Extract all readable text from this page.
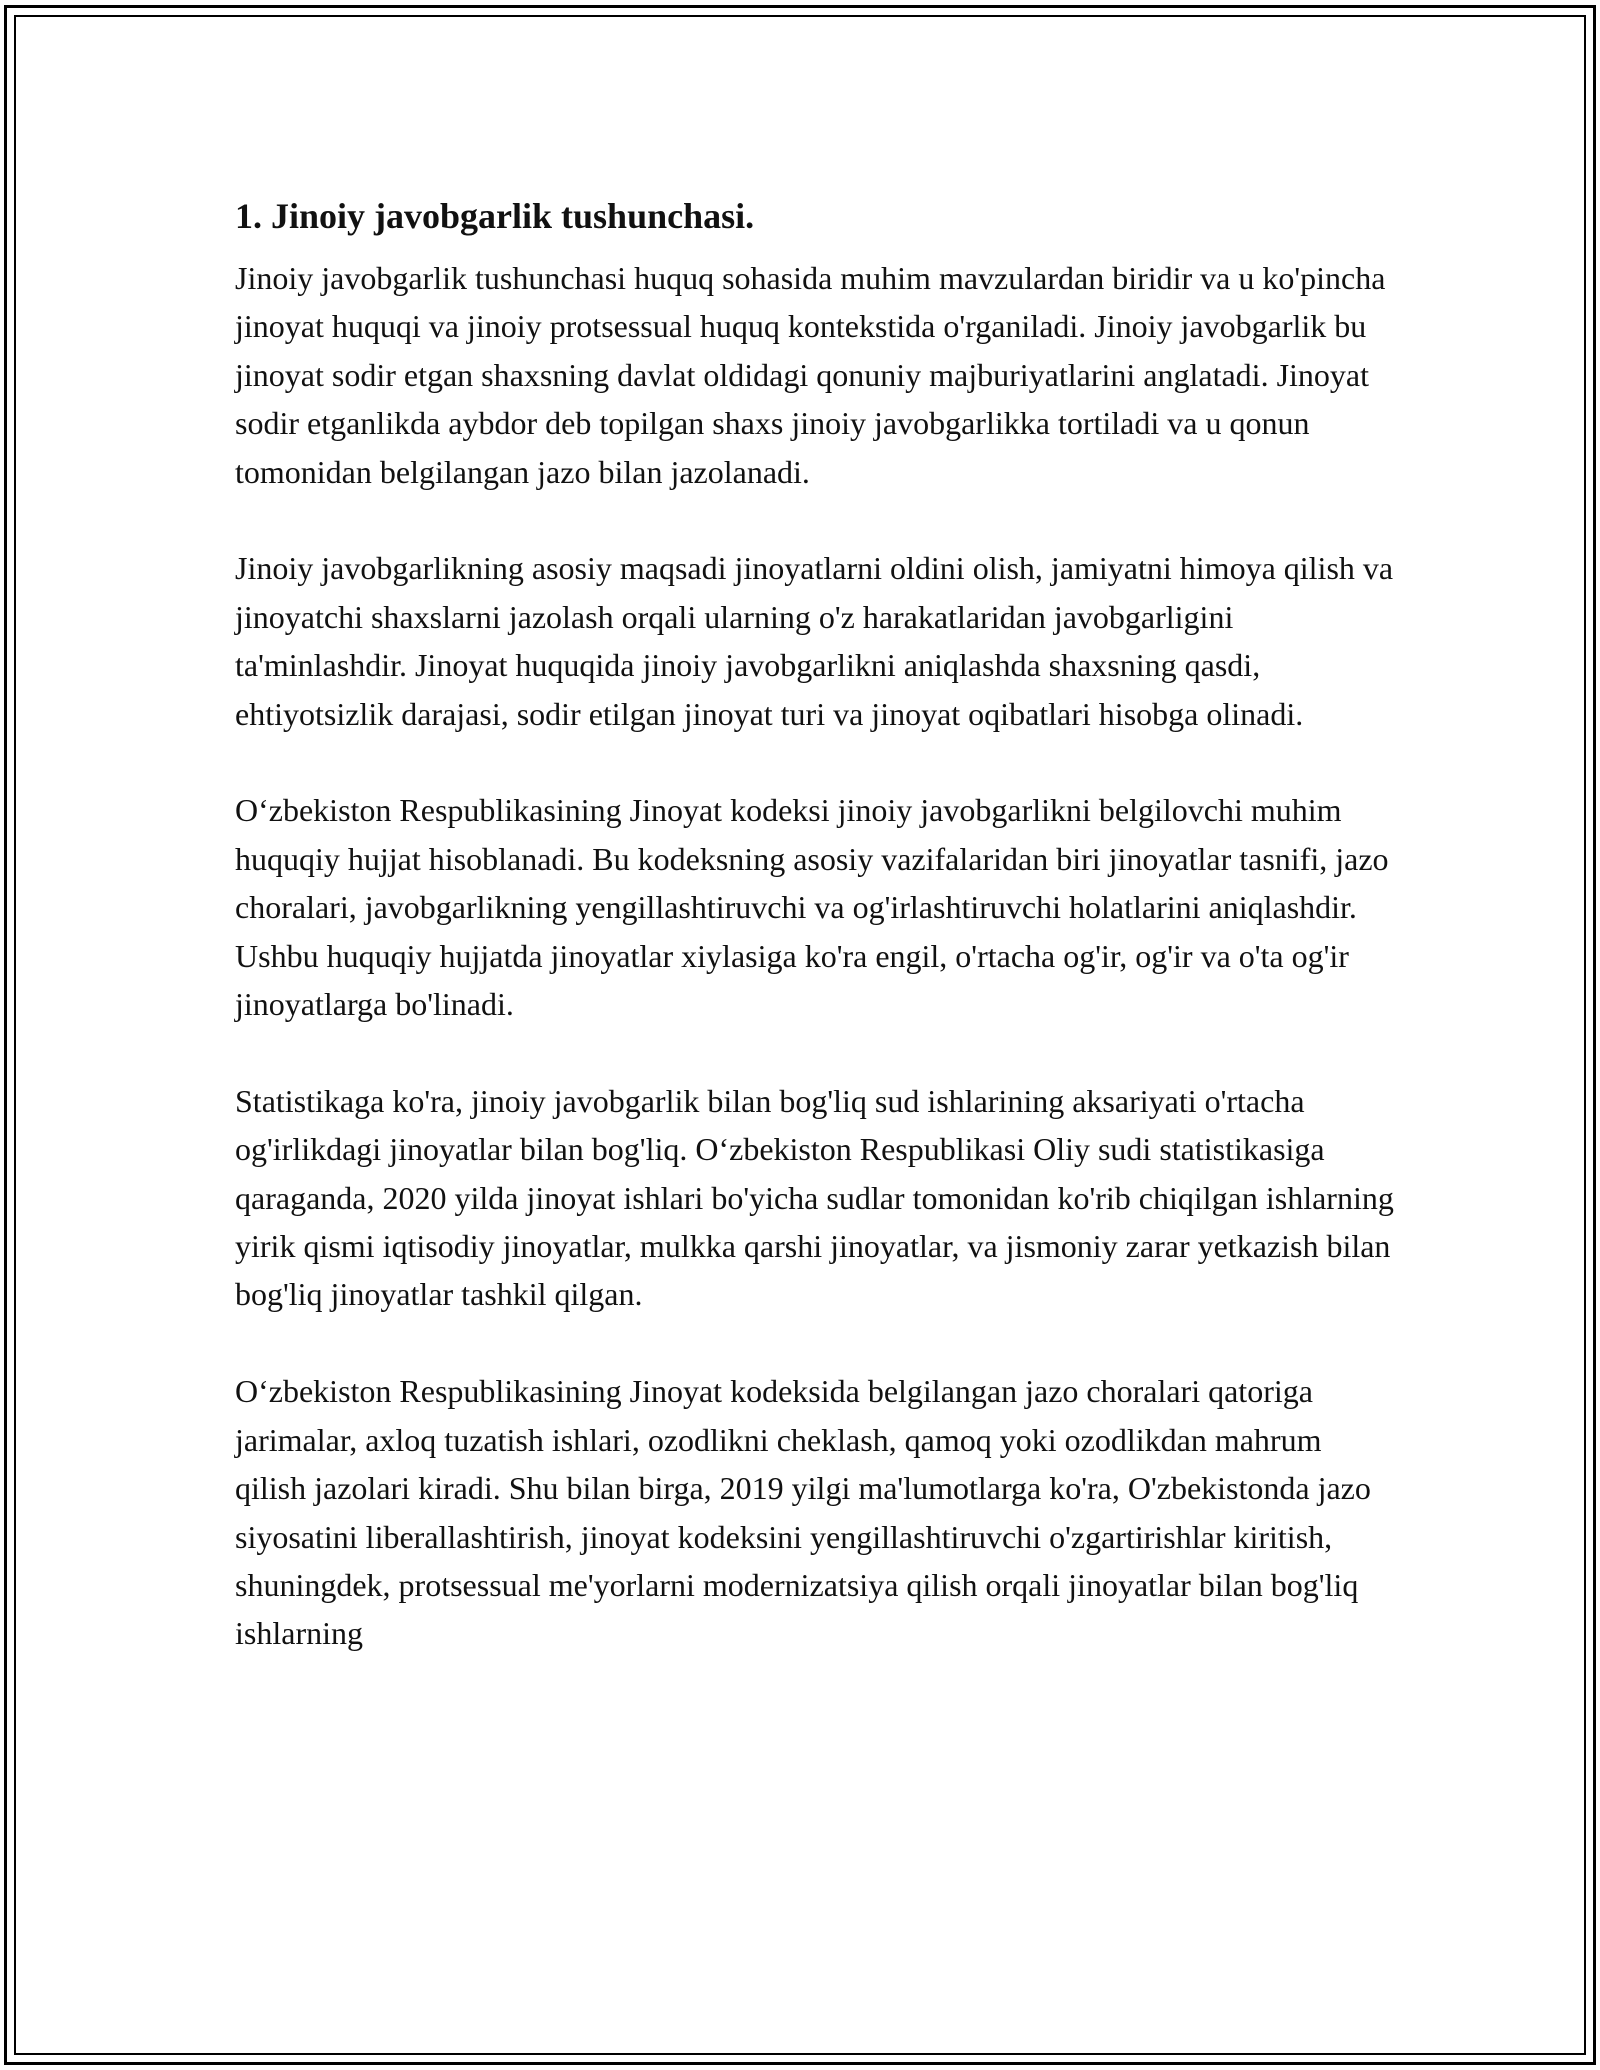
1. Jinoiy javobgarlik tushunchasi.

Jinoiy javobgarlik tushunchasi huquq sohasida muhim mavzulardan biridir va u ko'pincha jinoyat huquqi va jinoiy protsessual huquq kontekstida o'rganiladi. Jinoiy javobgarlik bu jinoyat sodir etgan shaxsning davlat oldidagi qonuniy majburiyatlarini anglatadi. Jinoyat sodir etganlikda aybdor deb topilgan shaxs jinoiy javobgarlikka tortiladi va u qonun tomonidan belgilangan jazo bilan jazolanadi.

Jinoiy javobgarlikning asosiy maqsadi jinoyatlarni oldini olish, jamiyatni himoya qilish va jinoyatchi shaxslarni jazolash orqali ularning o'z harakatlaridan javobgarligini ta'minlashdir. Jinoyat huquqida jinoiy javobgarlikni aniqlashda shaxsning qasdi, ehtiyotsizlik darajasi, sodir etilgan jinoyat turi va jinoyat oqibatlari hisobga olinadi.

O‘zbekiston Respublikasining Jinoyat kodeksi jinoiy javobgarlikni belgilovchi muhim huquqiy hujjat hisoblanadi. Bu kodeksning asosiy vazifalaridan biri jinoyatlar tasnifi, jazo choralari, javobgarlikning yengillashtiruvchi va og'irlashtiruvchi holatlarini aniqlashdir. Ushbu huquqiy hujjatda jinoyatlar xiylasiga ko'ra engil, o'rtacha og'ir, og'ir va o'ta og'ir jinoyatlarga bo'linadi.

Statistikaga ko'ra, jinoiy javobgarlik bilan bog'liq sud ishlarining aksariyati o'rtacha og'irlikdagi jinoyatlar bilan bog'liq. O‘zbekiston Respublikasi Oliy sudi statistikasiga qaraganda, 2020 yilda jinoyat ishlari bo'yicha sudlar tomonidan ko'rib chiqilgan ishlarning yirik qismi iqtisodiy jinoyatlar, mulkka qarshi jinoyatlar, va jismoniy zarar yetkazish bilan bog'liq jinoyatlar tashkil qilgan.

O‘zbekiston Respublikasining Jinoyat kodeksida belgilangan jazo choralari qatoriga jarimalar, axloq tuzatish ishlari, ozodlikni cheklash, qamoq yoki ozodlikdan mahrum qilish jazolari kiradi. Shu bilan birga, 2019 yilgi ma'lumotlarga ko'ra, O'zbekistonda jazo siyosatini liberallashtirish, jinoyat kodeksini yengillashtiruvchi o'zgartirishlar kiritish, shuningdek, protsessual me'yorlarni modernizatsiya qilish orqali jinoyatlar bilan bog'liq ishlarning
